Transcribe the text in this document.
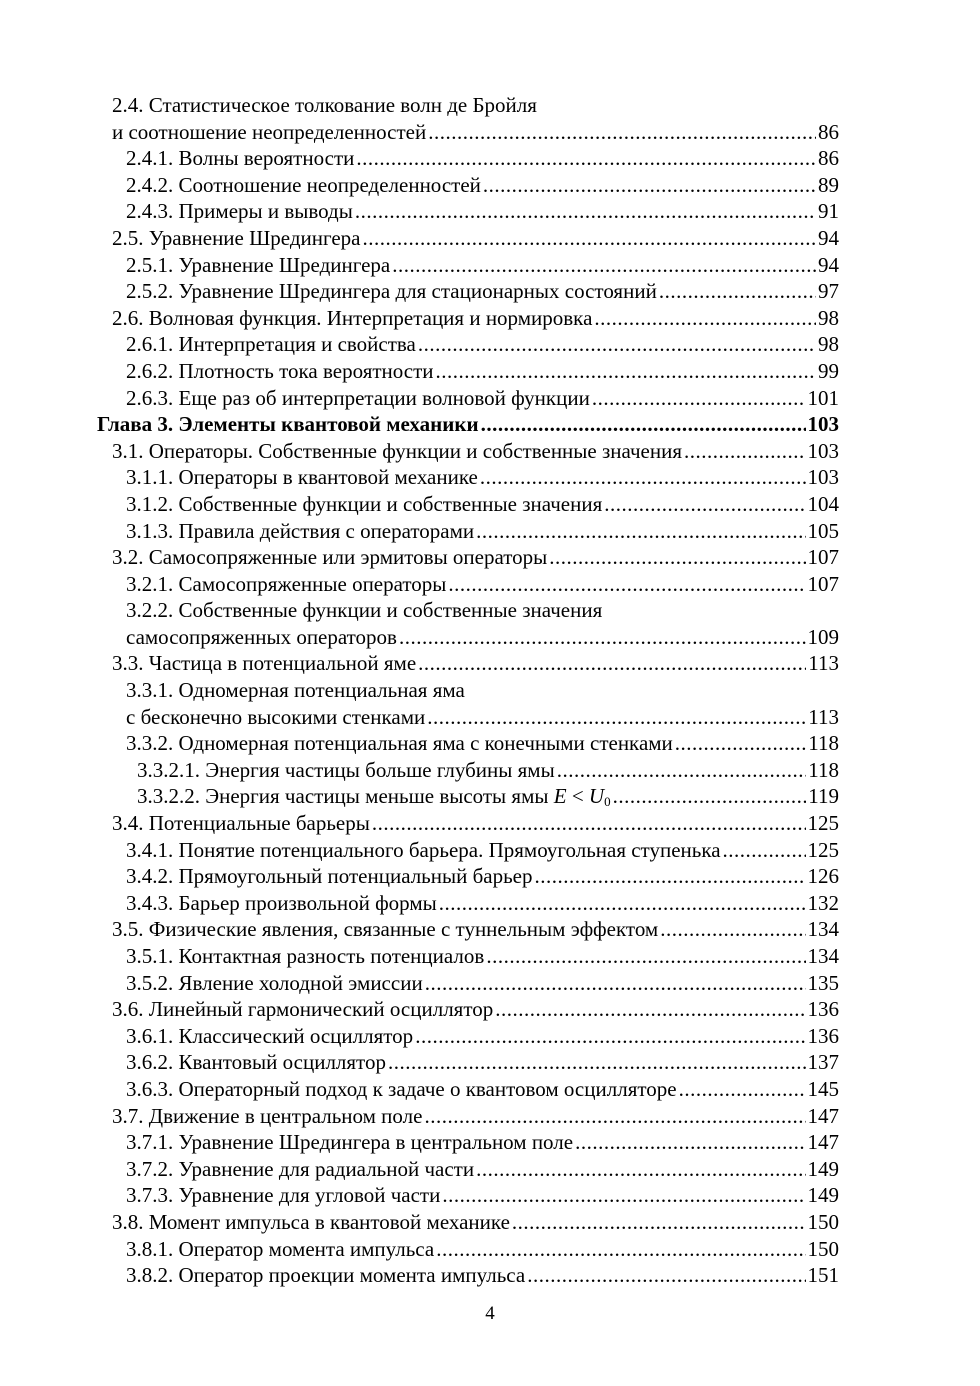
2.4. Статистическое толкование волн де Бройля
и соотношение неопределенностей .....	86
2.4.1. Волны вероятности .....	86
2.4.2. Соотношение неопределенностей .....	89
2.4.3. Примеры и выводы .....	91
2.5. Уравнение Шредингера .....	94
2.5.1. Уравнение Шредингера .....	94
2.5.2. Уравнение Шредингера для стационарных состояний .....	97
2.6. Волновая функция. Интерпретация и нормировка .....	98
2.6.1. Интерпретация и свойства .....	98
2.6.2. Плотность тока вероятности .....	99
2.6.3. Еще раз об интерпретации волновой функции .....	101
Глава 3. Элементы квантовой механики .....	103
3.1. Операторы. Собственные функции и собственные значения .....	103
3.1.1. Операторы в квантовой механике .....	103
3.1.2. Собственные функции и собственные значения .....	104
3.1.3. Правила действия с операторами .....	105
3.2. Самосопряженные или эрмитовы операторы .....	107
3.2.1. Самосопряженные операторы .....	107
3.2.2. Собственные функции и собственные значения
самосопряженных операторов .....	109
3.3. Частица в потенциальной яме .....	113
3.3.1. Одномерная потенциальная яма
с бесконечно высокими стенками .....	113
3.3.2. Одномерная потенциальная яма с конечными стенками .....	118
3.3.2.1. Энергия частицы больше глубины ямы .....	118
3.3.2.2. Энергия частицы меньше высоты ямы $E < U_0$ .....	119
3.4. Потенциальные барьеры .....	125
3.4.1. Понятие потенциального барьера. Прямоугольная ступенька .....	125
3.4.2. Прямоугольный потенциальный барьер .....	126
3.4.3. Барьер произвольной формы .....	132
3.5. Физические явления, связанные с туннельным эффектом .....	134
3.5.1. Контактная разность потенциалов .....	134
3.5.2. Явление холодной эмиссии .....	135
3.6. Линейный гармонический осциллятор .....	136
3.6.1. Классический осциллятор .....	136
3.6.2. Квантовый осциллятор .....	137
3.6.3. Операторный подход к задаче о квантовом осцилляторе .....	145
3.7. Движение в центральном поле .....	147
3.7.1. Уравнение Шредингера в центральном поле .....	147
3.7.2. Уравнение для радиальной части .....	149
3.7.3. Уравнение для угловой части .....	149
3.8. Момент импульса в квантовой механике .....	150
3.8.1. Оператор момента импульса .....	150
3.8.2. Оператор проекции момента импульса .....	151
4
